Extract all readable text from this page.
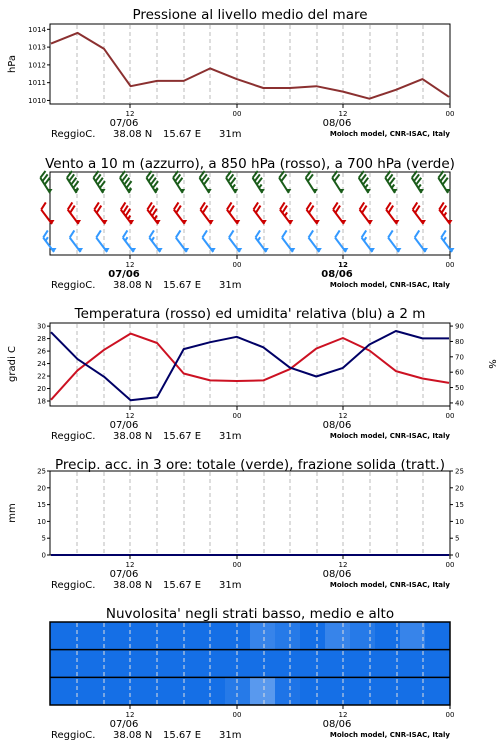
Pressione al livello medio del mare
1010
1011
1012
1013
1014
hPa
12	00	12	00
07/06	08/06
ReggioC. 38.08 N 15.67 E 31m	Moloch model, CNR-ISAC, Italy
Vento a 10 m (azzurro), a 850 hPa (rosso), a 700 hPa (verde)
12	00	12	00
07/06	08/06
ReggioC. 38.08 N 15.67 E 31m	Moloch model, CNR-ISAC, Italy
Temperatura (rosso) ed umidita' relativa (blu) a 2 m
18
20
22
24
26
28
30
40
50
60
70
80
90
gradi C	%
12	00	12	00
07/06	08/06
ReggioC. 38.08 N 15.67 E 31m	Moloch model, CNR-ISAC, Italy
Precip. acc. in 3 ore: totale (verde), frazione solida (tratt.)
0	0
5	5
10	10
15	15
20	20
25	25
mm
12	00	12	00
07/06	08/06
ReggioC. 38.08 N 15.67 E 31m	Moloch model, CNR-ISAC, Italy
Nuvolosita' negli strati basso, medio e alto
12	00	12	00
07/06	08/06
ReggioC. 38.08 N 15.67 E 31m	Moloch model, CNR-ISAC, Italy
